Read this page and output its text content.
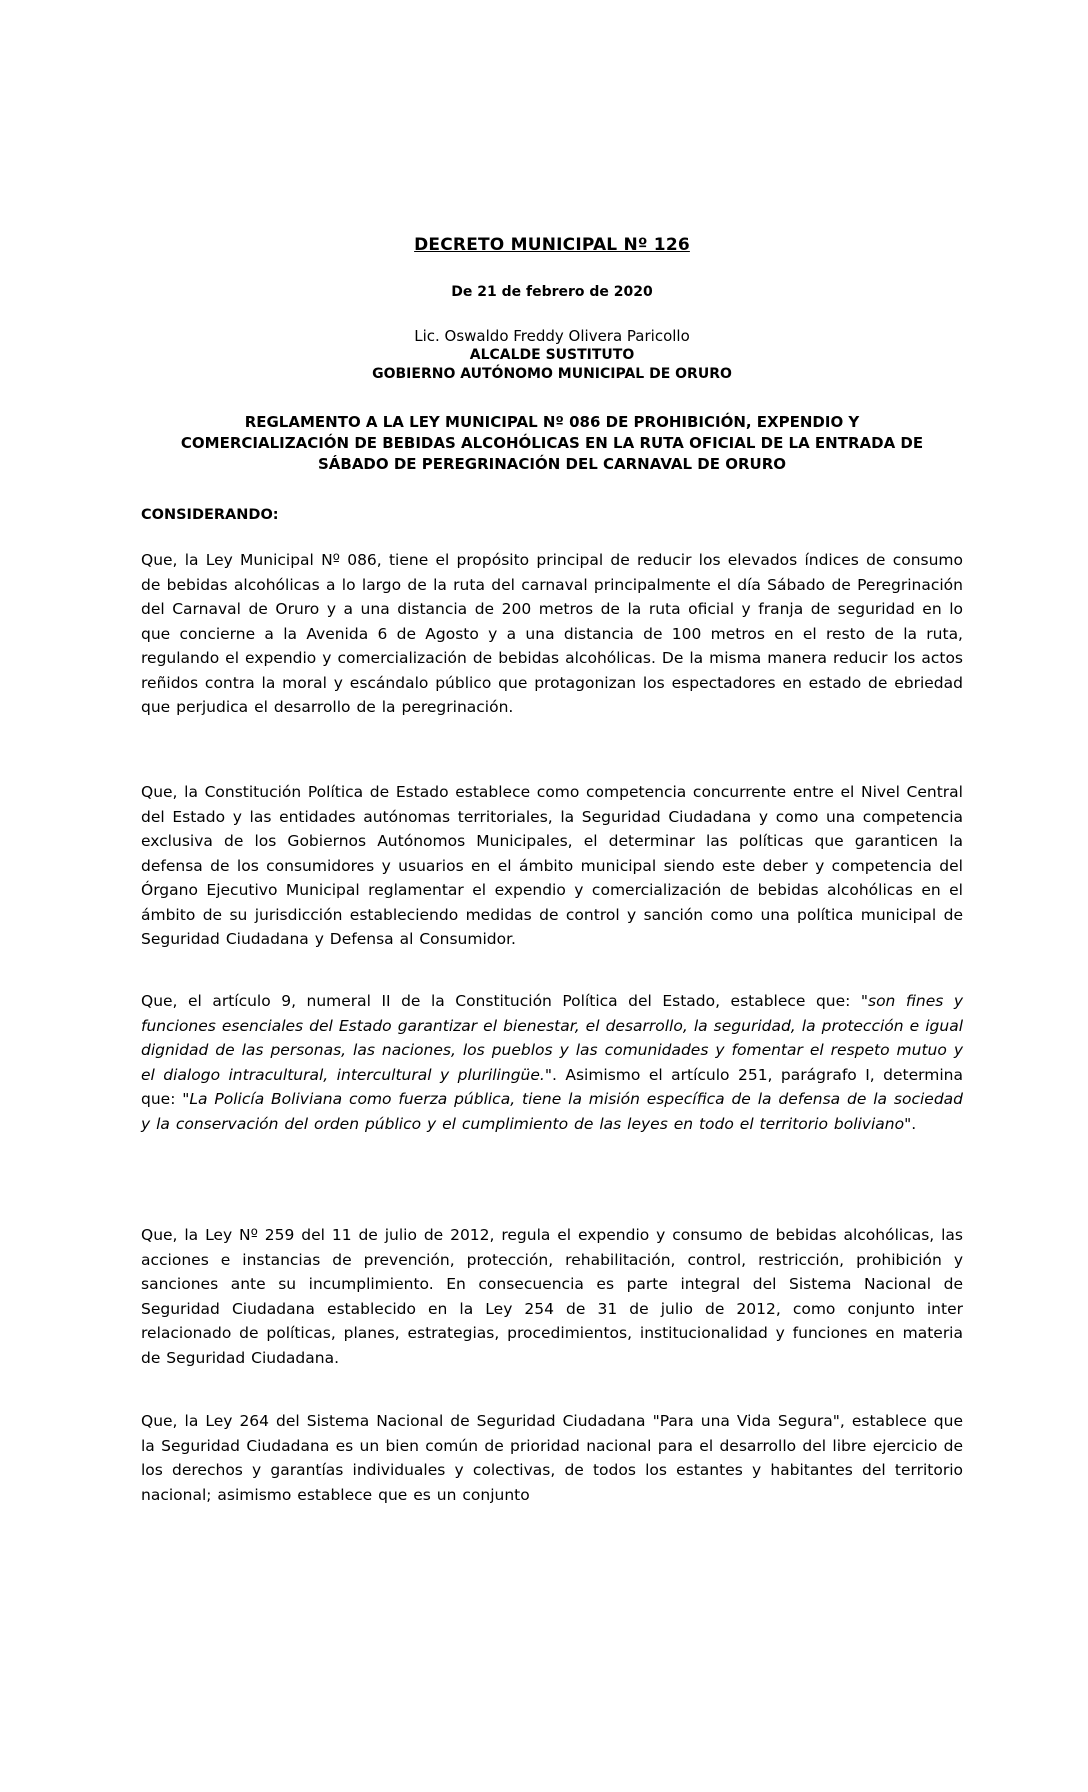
DECRETO MUNICIPAL Nº 126
De 21 de febrero de 2020
Lic. Oswaldo Freddy Olivera Paricollo
ALCALDE SUSTITUTO
GOBIERNO AUTÓNOMO MUNICIPAL DE ORURO
REGLAMENTO A LA LEY MUNICIPAL Nº 086 DE PROHIBICIÓN, EXPENDIO Y
COMERCIALIZACIÓN DE BEBIDAS ALCOHÓLICAS EN LA RUTA OFICIAL DE LA ENTRADA DE
SÁBADO DE PEREGRINACIÓN DEL CARNAVAL DE ORURO
CONSIDERANDO:
Que, la Ley Municipal Nº 086, tiene el propósito principal de reducir los elevados índices de consumo de bebidas alcohólicas a lo largo de la ruta del carnaval principalmente el día Sábado de Peregrinación del Carnaval de Oruro y a una distancia de 200 metros de la ruta oficial y franja de seguridad en lo que concierne a la Avenida 6 de Agosto y a una distancia de 100 metros en el resto de la ruta, regulando el expendio y comercialización de bebidas alcohólicas. De la misma manera reducir los actos reñidos contra la moral y escándalo público que protagonizan los espectadores en estado de ebriedad que perjudica el desarrollo de la peregrinación.
Que, la Constitución Política de Estado establece como competencia concurrente entre el Nivel Central del Estado y las entidades autónomas territoriales, la Seguridad Ciudadana y como una competencia exclusiva de los Gobiernos Autónomos Municipales, el determinar las políticas que garanticen la defensa de los consumidores y usuarios en el ámbito municipal siendo este deber y competencia del Órgano Ejecutivo Municipal reglamentar el expendio y comercialización de bebidas alcohólicas en el ámbito de su jurisdicción estableciendo medidas de control y sanción como una política municipal de Seguridad Ciudadana y Defensa al Consumidor.
Que, el artículo 9, numeral II de la Constitución Política del Estado, establece que: "son fines y funciones esenciales del Estado garantizar el bienestar, el desarrollo, la seguridad, la protección e igual dignidad de las personas, las naciones, los pueblos y las comunidades y fomentar el respeto mutuo y el dialogo intracultural, intercultural y plurilingüe.". Asimismo el artículo 251, parágrafo I, determina que: "La Policía Boliviana como fuerza pública, tiene la misión específica de la defensa de la sociedad y la conservación del orden público y el cumplimiento de las leyes en todo el territorio boliviano".
Que, la Ley Nº 259 del 11 de julio de 2012, regula el expendio y consumo de bebidas alcohólicas, las acciones e instancias de prevención, protección, rehabilitación, control, restricción, prohibición y sanciones ante su incumplimiento. En consecuencia es parte integral del Sistema Nacional de Seguridad Ciudadana establecido en la Ley 254 de 31 de julio de 2012, como conjunto inter relacionado de políticas, planes, estrategias, procedimientos, institucionalidad y funciones en materia de Seguridad Ciudadana.
Que, la Ley 264 del Sistema Nacional de Seguridad Ciudadana "Para una Vida Segura", establece que la Seguridad Ciudadana es un bien común de prioridad nacional para el desarrollo del libre ejercicio de los derechos y garantías individuales y colectivas, de todos los estantes y habitantes del territorio nacional; asimismo establece que es un conjunto
